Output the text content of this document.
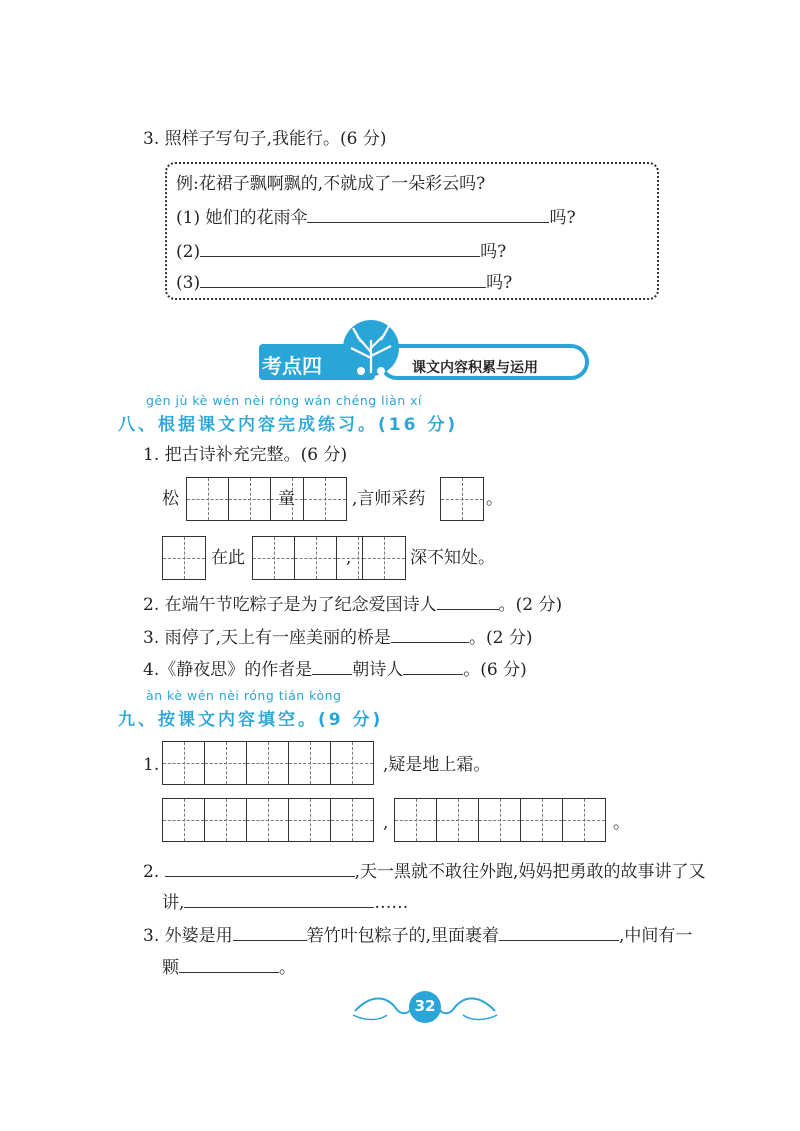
3. 照样子写句子,我能行。(6 分)
例:花裙子飘啊飘的,不就成了一朵彩云吗?
(1) 她们的花雨伞	吗?
(2)	吗?
(3)	吗?
考点四	课文内容积累与运用
gēn jù kè wén nèi róng wán chéng liàn xí
八、根据课文内容完成练习。(16 分)
1. 把古诗补充完整。(6 分)
松	童	,言师采药	。
在此	,	深不知处。
2. 在端午节吃粽子是为了纪念爱国诗人	。(2 分)
3. 雨停了,天上有一座美丽的桥是	。(2 分)
4.《静夜思》的作者是 朝诗人	。(6 分)
àn kè wén nèi róng tián kòng
九、按课文内容填空。(9 分)
1.	,疑是地上霜。
,	。
2.	,天一黑就不敢往外跑,妈妈把勇敢的故事讲了又
讲,	……
3. 外婆是用	箬竹叶包粽子的,里面裹着	,中间有一
颗	。
32
